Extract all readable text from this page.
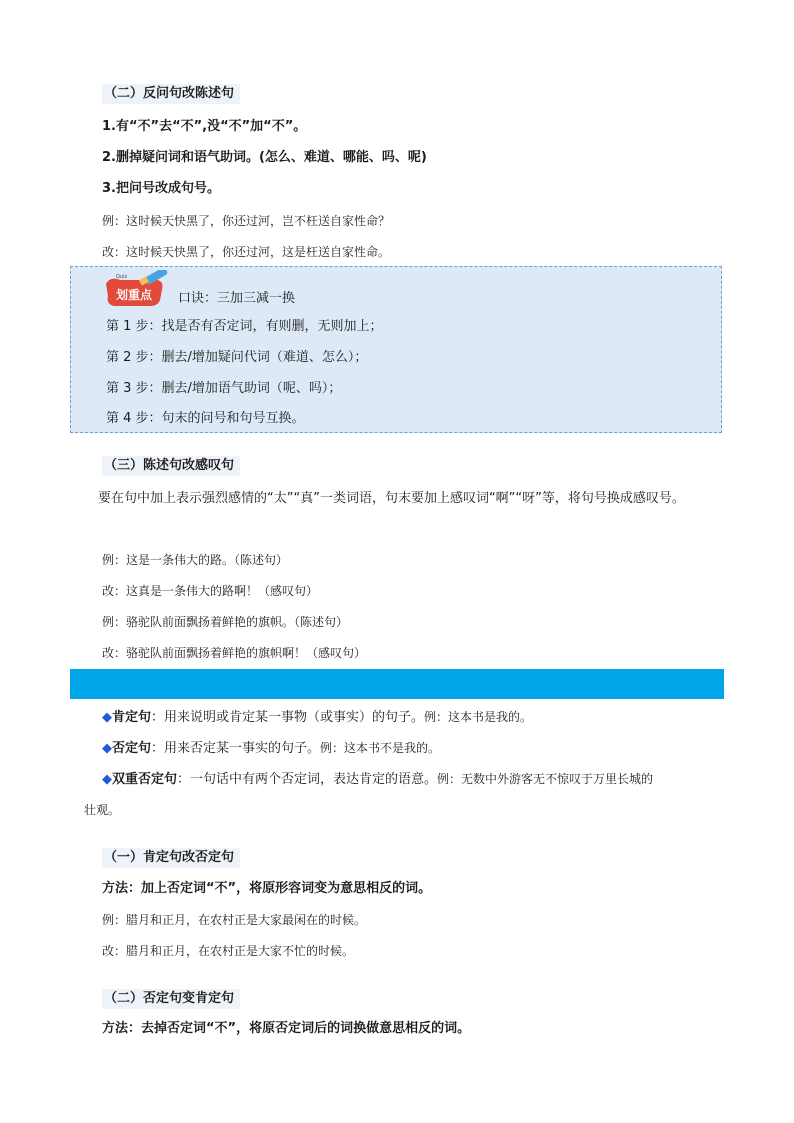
（二）反问句改陈述句
1.有“不”去“不”,没“不”加“不”。
2.删掉疑问词和语气助词。(怎么、难道、哪能、吗、呢)
3.把问号改成句号。
例：这时候天快黑了，你还过河，岂不枉送自家性命？
改：这时候天快黑了，你还过河，这是枉送自家性命。
划重点
Quiz
口诀：三加三减一换
第 1 步：找是否有否定词，有则删，无则加上；
第 2 步：删去/增加疑问代词（难道、怎么）；
第 3 步：删去/增加语气助词（呢、吗）；
第 4 步：句末的问号和句号互换。
（三）陈述句改感叹句
要在句中加上表示强烈感情的“太”“真”一类词语，句末要加上感叹词“啊”“呀”等，将句号换成感叹号。
例：这是一条伟大的路。（陈述句）
改：这真是一条伟大的路啊！（感叹句）
例：骆驼队前面飘扬着鲜艳的旗帜。（陈述句）
改：骆驼队前面飘扬着鲜艳的旗帜啊！（感叹句）
◆肯定句：用来说明或肯定某一事物（或事实）的句子。例：这本书是我的。
◆否定句：用来否定某一事实的句子。例：这本书不是我的。
◆双重否定句：一句话中有两个否定词，表达肯定的语意。例：无数中外游客无不惊叹于万里长城的
壮观。
（一）肯定句改否定句
方法：加上否定词“不”，将原形容词变为意思相反的词。
例：腊月和正月，在农村正是大家最闲在的时候。
改：腊月和正月，在农村正是大家不忙的时候。
（二）否定句变肯定句
方法：去掉否定词“不”，将原否定词后的词换做意思相反的词。
